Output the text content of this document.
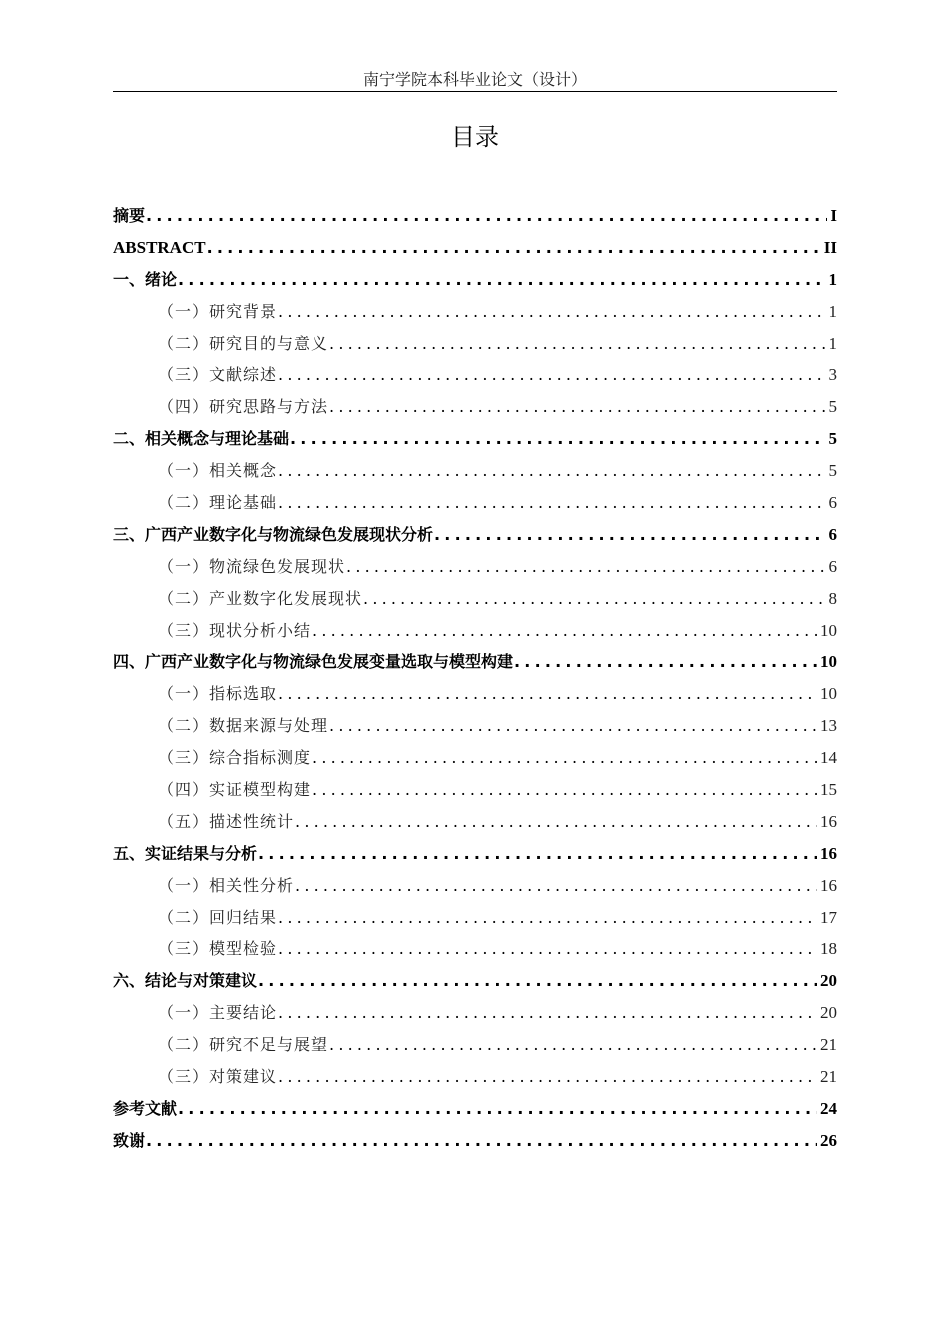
南宁学院本科毕业论文（设计）
目录
摘要 .....	I
ABSTRACT .....	II
一、 绪论 .....	1
（一） 研究背景 .....	1
（二） 研究目的与意义 .....	1
（三） 文献综述 .....	3
（四） 研究思路与方法 .....	5
二、 相关概念与理论基础 .....	5
（一） 相关概念 .....	5
（二） 理论基础 .....	6
三、 广西产业数字化与物流绿色发展现状分析 .....	6
（一） 物流绿色发展现状 .....	6
（二） 产业数字化发展现状 .....	8
（三） 现状分析小结 .....	10
四、 广西产业数字化与物流绿色发展变量选取与模型构建 .....	10
（一） 指标选取 .....	10
（二） 数据来源与处理 .....	13
（三） 综合指标测度 .....	14
（四） 实证模型构建 .....	15
（五） 描述性统计 .....	16
五、 实证结果与分析 .....	16
（一） 相关性分析 .....	16
（二） 回归结果 .....	17
（三） 模型检验 .....	18
六、 结论与对策建议 .....	20
（一） 主要结论 .....	20
（二） 研究不足与展望 .....	21
（三） 对策建议 .....	21
参考文献 .....	24
致谢 .....	26
